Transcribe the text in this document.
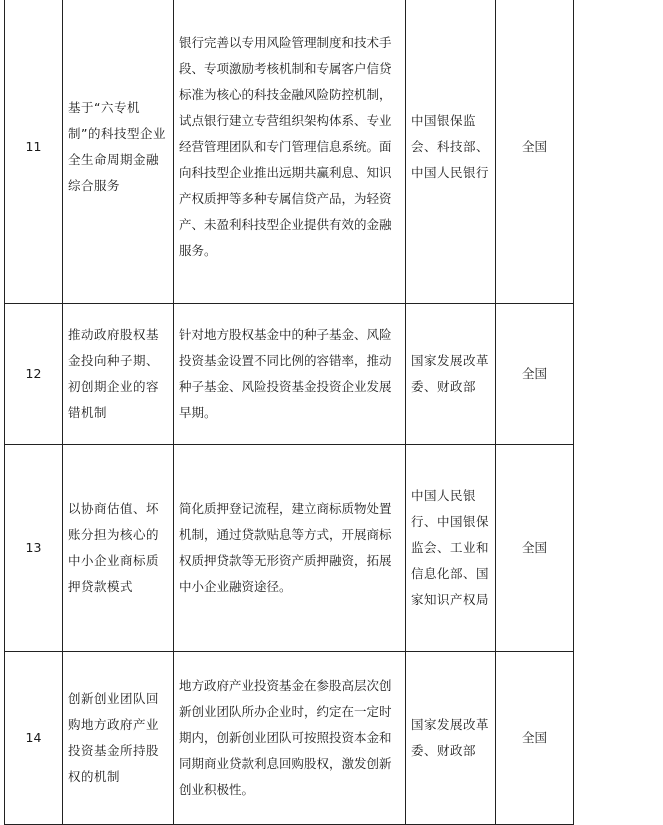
11	基于“六专机制”的科技型企业全生命周期金融综合服务	银行完善以专用风险管理制度和技术手段、专项激励考核机制和专属客户信贷标准为核心的科技金融风险防控机制，试点银行建立专营组织架构体系、专业经营管理团队和专门管理信息系统。面向科技型企业推出远期共赢利息、知识产权质押等多种专属信贷产品，为轻资产、未盈利科技型企业提供有效的金融服务。	中国银保监会、科技部、中国人民银行	全国
12	推动政府股权基金投向种子期、初创期企业的容错机制	针对地方股权基金中的种子基金、风险投资基金设置不同比例的容错率，推动种子基金、风险投资基金投资企业发展早期。	国家发展改革委、财政部	全国
13	以协商估值、坏账分担为核心的中小企业商标质押贷款模式	简化质押登记流程，建立商标质物处置机制，通过贷款贴息等方式，开展商标权质押贷款等无形资产质押融资，拓展中小企业融资途径。	中国人民银行、中国银保监会、工业和信息化部、国家知识产权局	全国
14	创新创业团队回购地方政府产业投资基金所持股权的机制	地方政府产业投资基金在参股高层次创新创业团队所办企业时，约定在一定时期内，创新创业团队可按照投资本金和同期商业贷款利息回购股权，激发创新创业积极性。	国家发展改革委、财政部	全国
